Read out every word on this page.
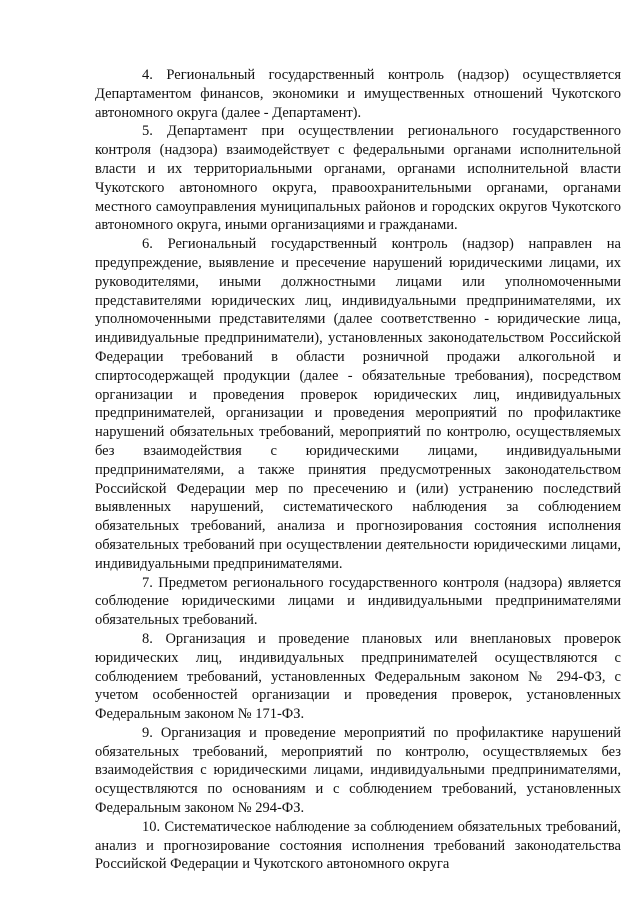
4. Региональный государственный контроль (надзор) осуществляется Департаментом финансов, экономики и имущественных отношений Чукотского автономного округа (далее - Департамент).

5. Департамент при осуществлении регионального государственного контроля (надзора) взаимодействует с федеральными органами исполнительной власти и их территориальными органами, органами исполнительной власти Чукотского автономного округа, правоохранительными органами, органами местного самоуправления муниципальных районов и городских округов Чукотского автономного округа, иными организациями и гражданами.

6. Региональный государственный контроль (надзор) направлен на предупреждение, выявление и пресечение нарушений юридическими лицами, их руководителями, иными должностными лицами или уполномоченными представителями юридических лиц, индивидуальными предпринимателями, их уполномоченными представителями (далее соответственно - юридические лица, индивидуальные предприниматели), установленных законодательством Российской Федерации требований в области розничной продажи алкогольной и спиртосодержащей продукции (далее - обязательные требования), посредством организации и проведения проверок юридических лиц, индивидуальных предпринимателей, организации и проведения мероприятий по профилактике нарушений обязательных требований, мероприятий по контролю, осуществляемых без взаимодействия с юридическими лицами, индивидуальными предпринимателями, а также принятия предусмотренных законодательством Российской Федерации мер по пресечению и (или) устранению последствий выявленных нарушений, систематического наблюдения за соблюдением обязательных требований, анализа и прогнозирования состояния исполнения обязательных требований при осуществлении деятельности юридическими лицами, индивидуальными предпринимателями.

7. Предметом регионального государственного контроля (надзора) является соблюдение юридическими лицами и индивидуальными предпринимателями обязательных требований.

8. Организация и проведение плановых или внеплановых проверок юридических лиц, индивидуальных предпринимателей осуществляются с соблюдением требований, установленных Федеральным законом № 294-ФЗ, с учетом особенностей организации и проведения проверок, установленных Федеральным законом № 171-ФЗ.

9. Организация и проведение мероприятий по профилактике нарушений обязательных требований, мероприятий по контролю, осуществляемых без взаимодействия с юридическими лицами, индивидуальными предпринимателями, осуществляются по основаниям и с соблюдением требований, установленных Федеральным законом № 294-ФЗ.

10. Систематическое наблюдение за соблюдением обязательных требований, анализ и прогнозирование состояния исполнения требований законодательства Российской Федерации и Чукотского автономного округа
